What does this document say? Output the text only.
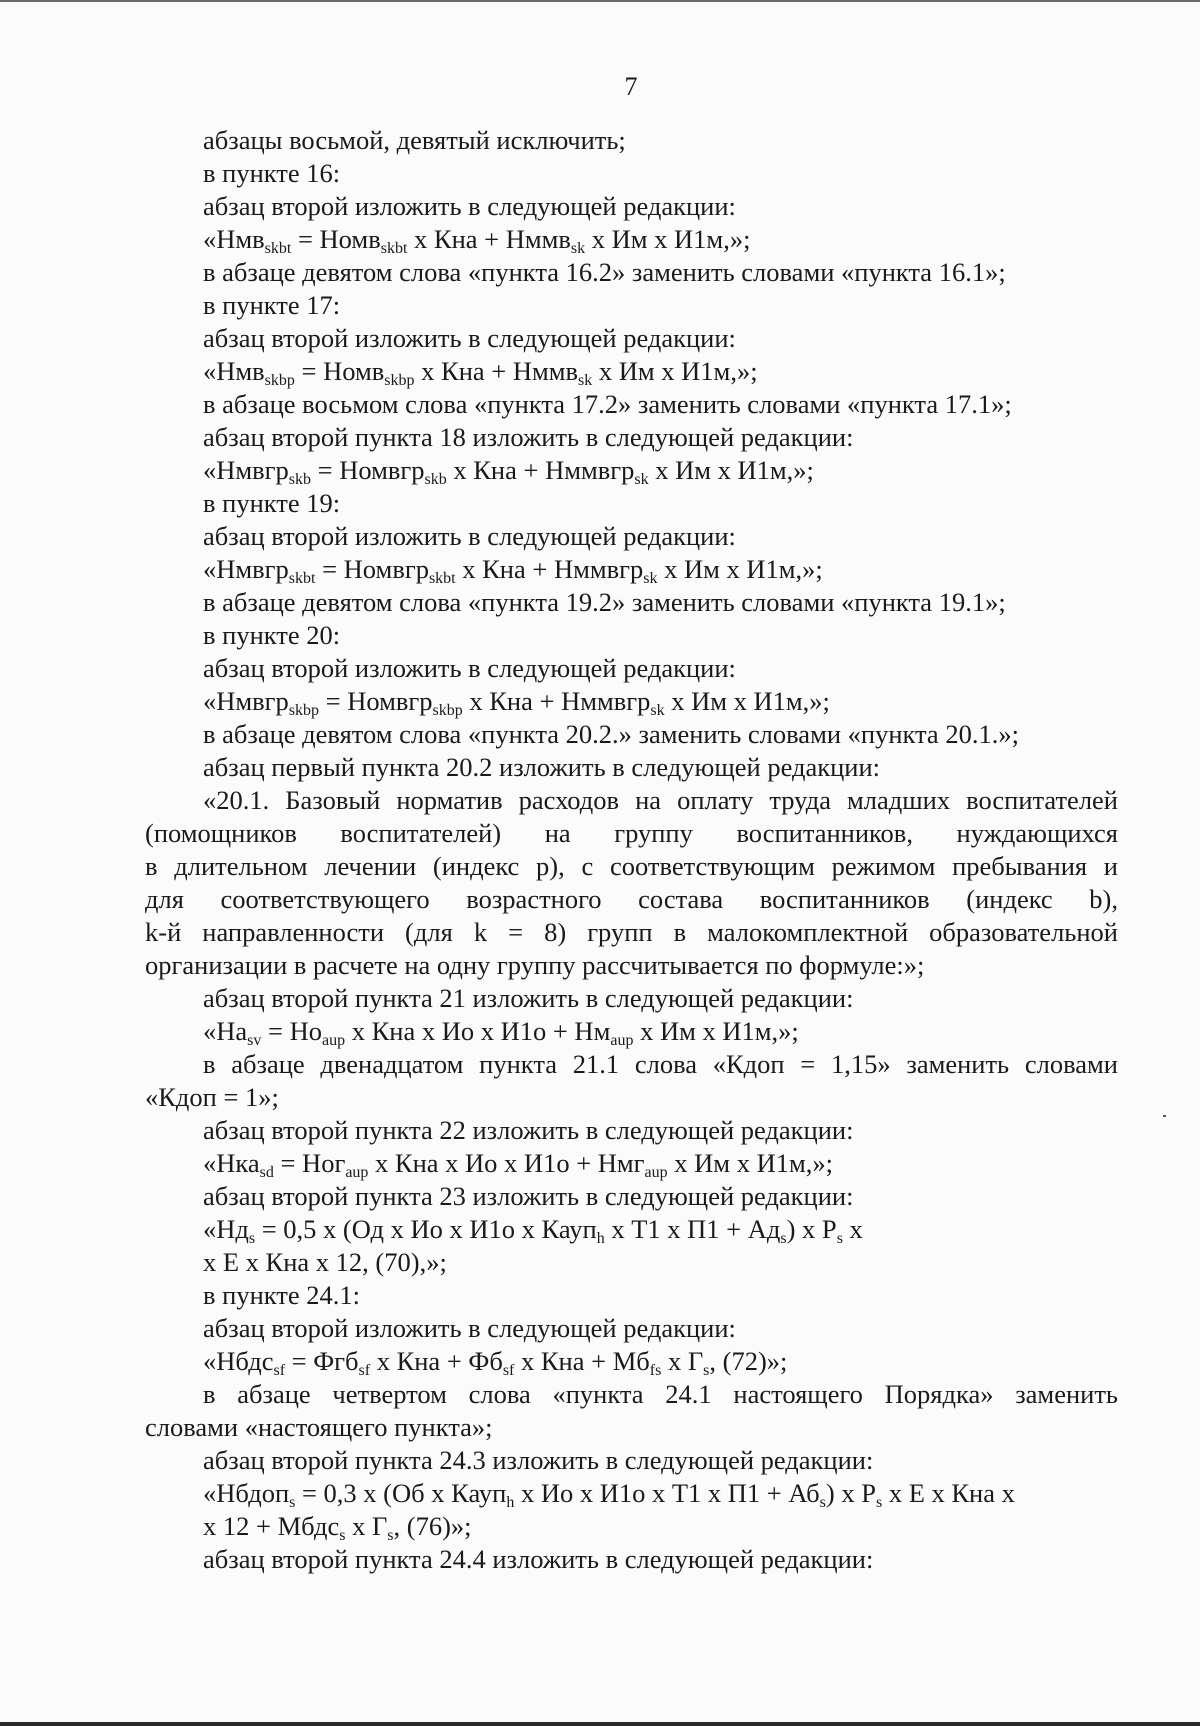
7
абзацы восьмой, девятый исключить;
в пункте 16:
абзац второй изложить в следующей редакции:
«Нмв$_{skbt}$ = Номв$_{skbt}$ х Кна + Нммв$_{sk}$ х Им х И1м,»;
в абзаце девятом слова «пункта 16.2» заменить словами «пункта 16.1»;
в пункте 17:
абзац второй изложить в следующей редакции:
«Нмв$_{skbp}$ = Номв$_{skbp}$ х Кна + Нммв$_{sk}$ х Им х И1м,»;
в абзаце восьмом слова «пункта 17.2» заменить словами «пункта 17.1»;
абзац второй пункта 18 изложить в следующей редакции:
«Нмвгр$_{skb}$ = Номвгр$_{skb}$ х Кна + Нммвгр$_{sk}$ х Им х И1м,»;
в пункте 19:
абзац второй изложить в следующей редакции:
«Нмвгр$_{skbt}$ = Номвгр$_{skbt}$ х Кна + Нммвгр$_{sk}$ х Им х И1м,»;
в абзаце девятом слова «пункта 19.2» заменить словами «пункта 19.1»;
в пункте 20:
абзац второй изложить в следующей редакции:
«Нмвгр$_{skbp}$ = Номвгр$_{skbp}$ х Кна + Нммвгр$_{sk}$ х Им х И1м,»;
в абзаце девятом слова «пункта 20.2.» заменить словами «пункта 20.1.»;
абзац первый пункта 20.2 изложить в следующей редакции:
«20.1. Базовый норматив расходов на оплату труда младших воспитателей
(помощников воспитателей) на группу воспитанников, нуждающихся
в длительном лечении (индекс р), с соответствующим режимом пребывания и
для соответствующего возрастного состава воспитанников (индекс b),
k-й направленности (для k = 8) групп в малокомплектной образовательной
организации в расчете на одну группу рассчитывается по формуле:»;
абзац второй пункта 21 изложить в следующей редакции:
«$На_{sv} = Но_{aup}$ х Кна х Ио х $И1о + Нм_{aup}$ х Им х И1м,»;
в абзаце двенадцатом пункта 21.1 слова «Кдоп = 1,15» заменить словами
«Кдоп = 1»;
абзац второй пункта 22 изложить в следующей редакции:
«Нка$_{sd}$ = Ног$_{aup}$ х Кна х Ио х И1о + Нмг$_{aup}$ х Им х И1м,»;
абзац второй пункта 23 изложить в следующей редакции:
«$Нд_s = 0,5$ х (Од х Ио х И1о х Кауп$_h$ х Т1 х $П1 + Ад_s$) х $Р_s$ х
х Е х Кна х 12, (70),»;
в пункте 24.1:
абзац второй изложить в следующей редакции:
«Нбдс$_{sf}$ = Фгб$_{sf}$ х Кна + $Фб_{sf}$ х Кна + $Мб_{fs}$ х $Г_s$, (72)»;
в абзаце четвертом слова «пункта 24.1 настоящего Порядка» заменить
словами «настоящего пункта»;
абзац второй пункта 24.3 изложить в следующей редакции:
«Нбдоп$_s$ = 0,3 х (Об х Кауп$_h$ х Ио х И1о х Т1 х $П1 + Аб_s$) х $Р_s$ х Е х Кна х
х 12 + Мбдс$_s$ х $Г_s$, (76)»;
абзац второй пункта 24.4 изложить в следующей редакции:
